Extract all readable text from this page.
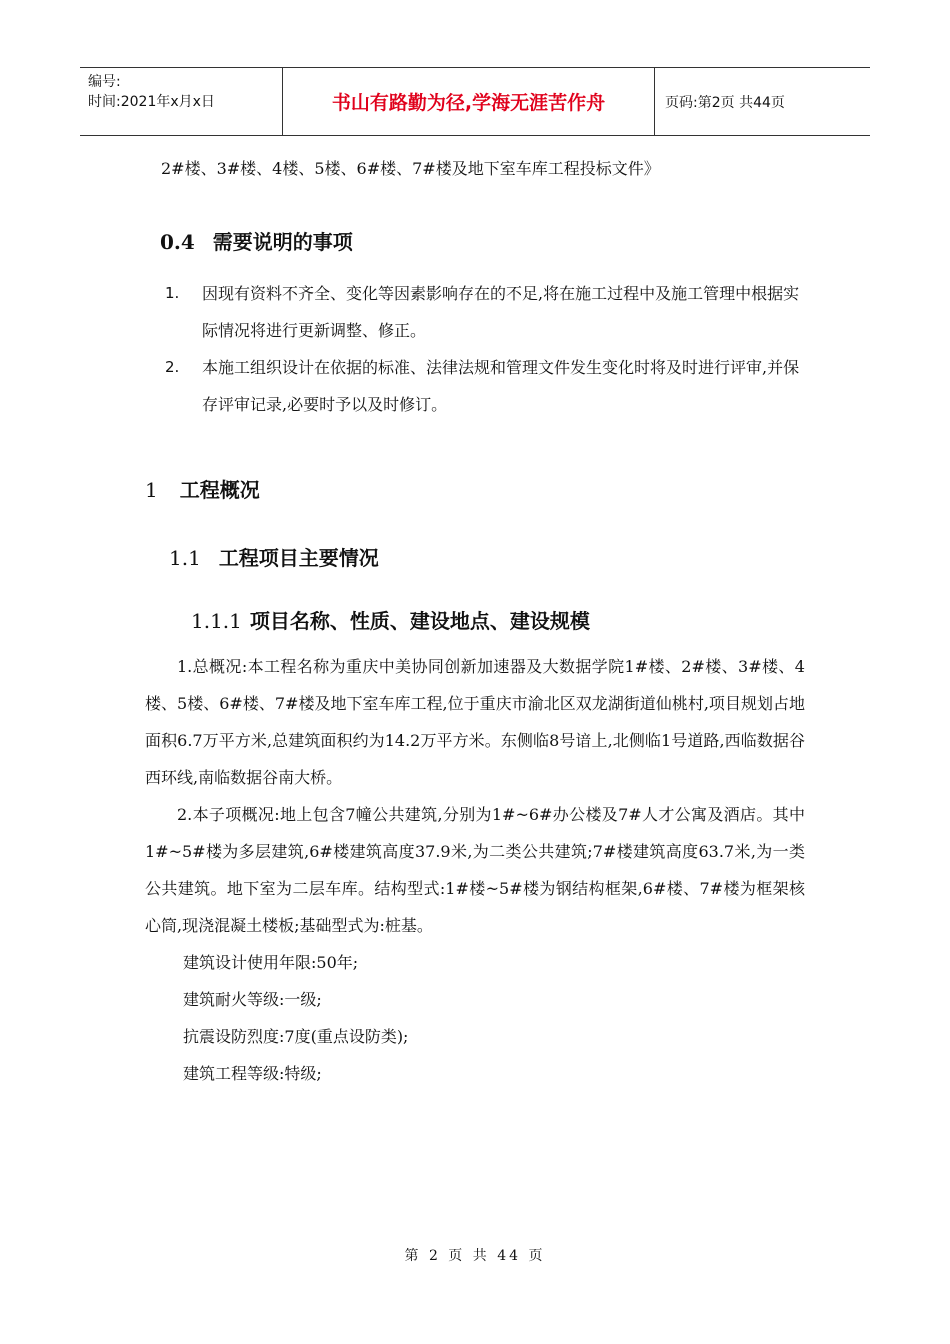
编号:
时间:2021年x月x日	书山有路勤为径,学海无涯苦作舟	页码:第2页 共44页

2#楼、3#楼、4楼、5楼、6#楼、7#楼及地下室车库工程投标文件》

0.4 需要说明的事项
1.	因现有资料不齐全、变化等因素影响存在的不足,将在施工过程中及施工管理中根据实际情况将进行更新调整、修正。
2.	本施工组织设计在依据的标准、法律法规和管理文件发生变化时将及时进行评审,并保存评审记录,必要时予以及时修订。
1 工程概况
1.1 工程项目主要情况
1.1.1 项目名称、性质、建设地点、建设规模

1.总概况:本工程名称为重庆中美协同创新加速器及大数据学院1#楼、2#楼、3#楼、4楼、5楼、6#楼、7#楼及地下室车库工程,位于重庆市渝北区双龙湖街道仙桃村,项目规划占地面积6.7万平方米,总建筑面积约为14.2万平方米。东侧临8号谙上,北侧临1号道路,西临数据谷西环线,南临数据谷南大桥。

2.本子项概况:地上包含7幢公共建筑,分别为1#~6#办公楼及7#人才公寓及酒店。其中1#~5#楼为多层建筑,6#楼建筑高度37.9米,为二类公共建筑;7#楼建筑高度63.7米,为一类公共建筑。地下室为二层车库。结构型式:1#楼~5#楼为钢结构框架,6#楼、7#楼为框架核心筒,现浇混凝土楼板;基础型式为:桩基。

建筑设计使用年限:50年;

建筑耐火等级:一级;

抗震设防烈度:7度(重点设防类);

建筑工程等级:特级;

第 2 页 共 44 页
